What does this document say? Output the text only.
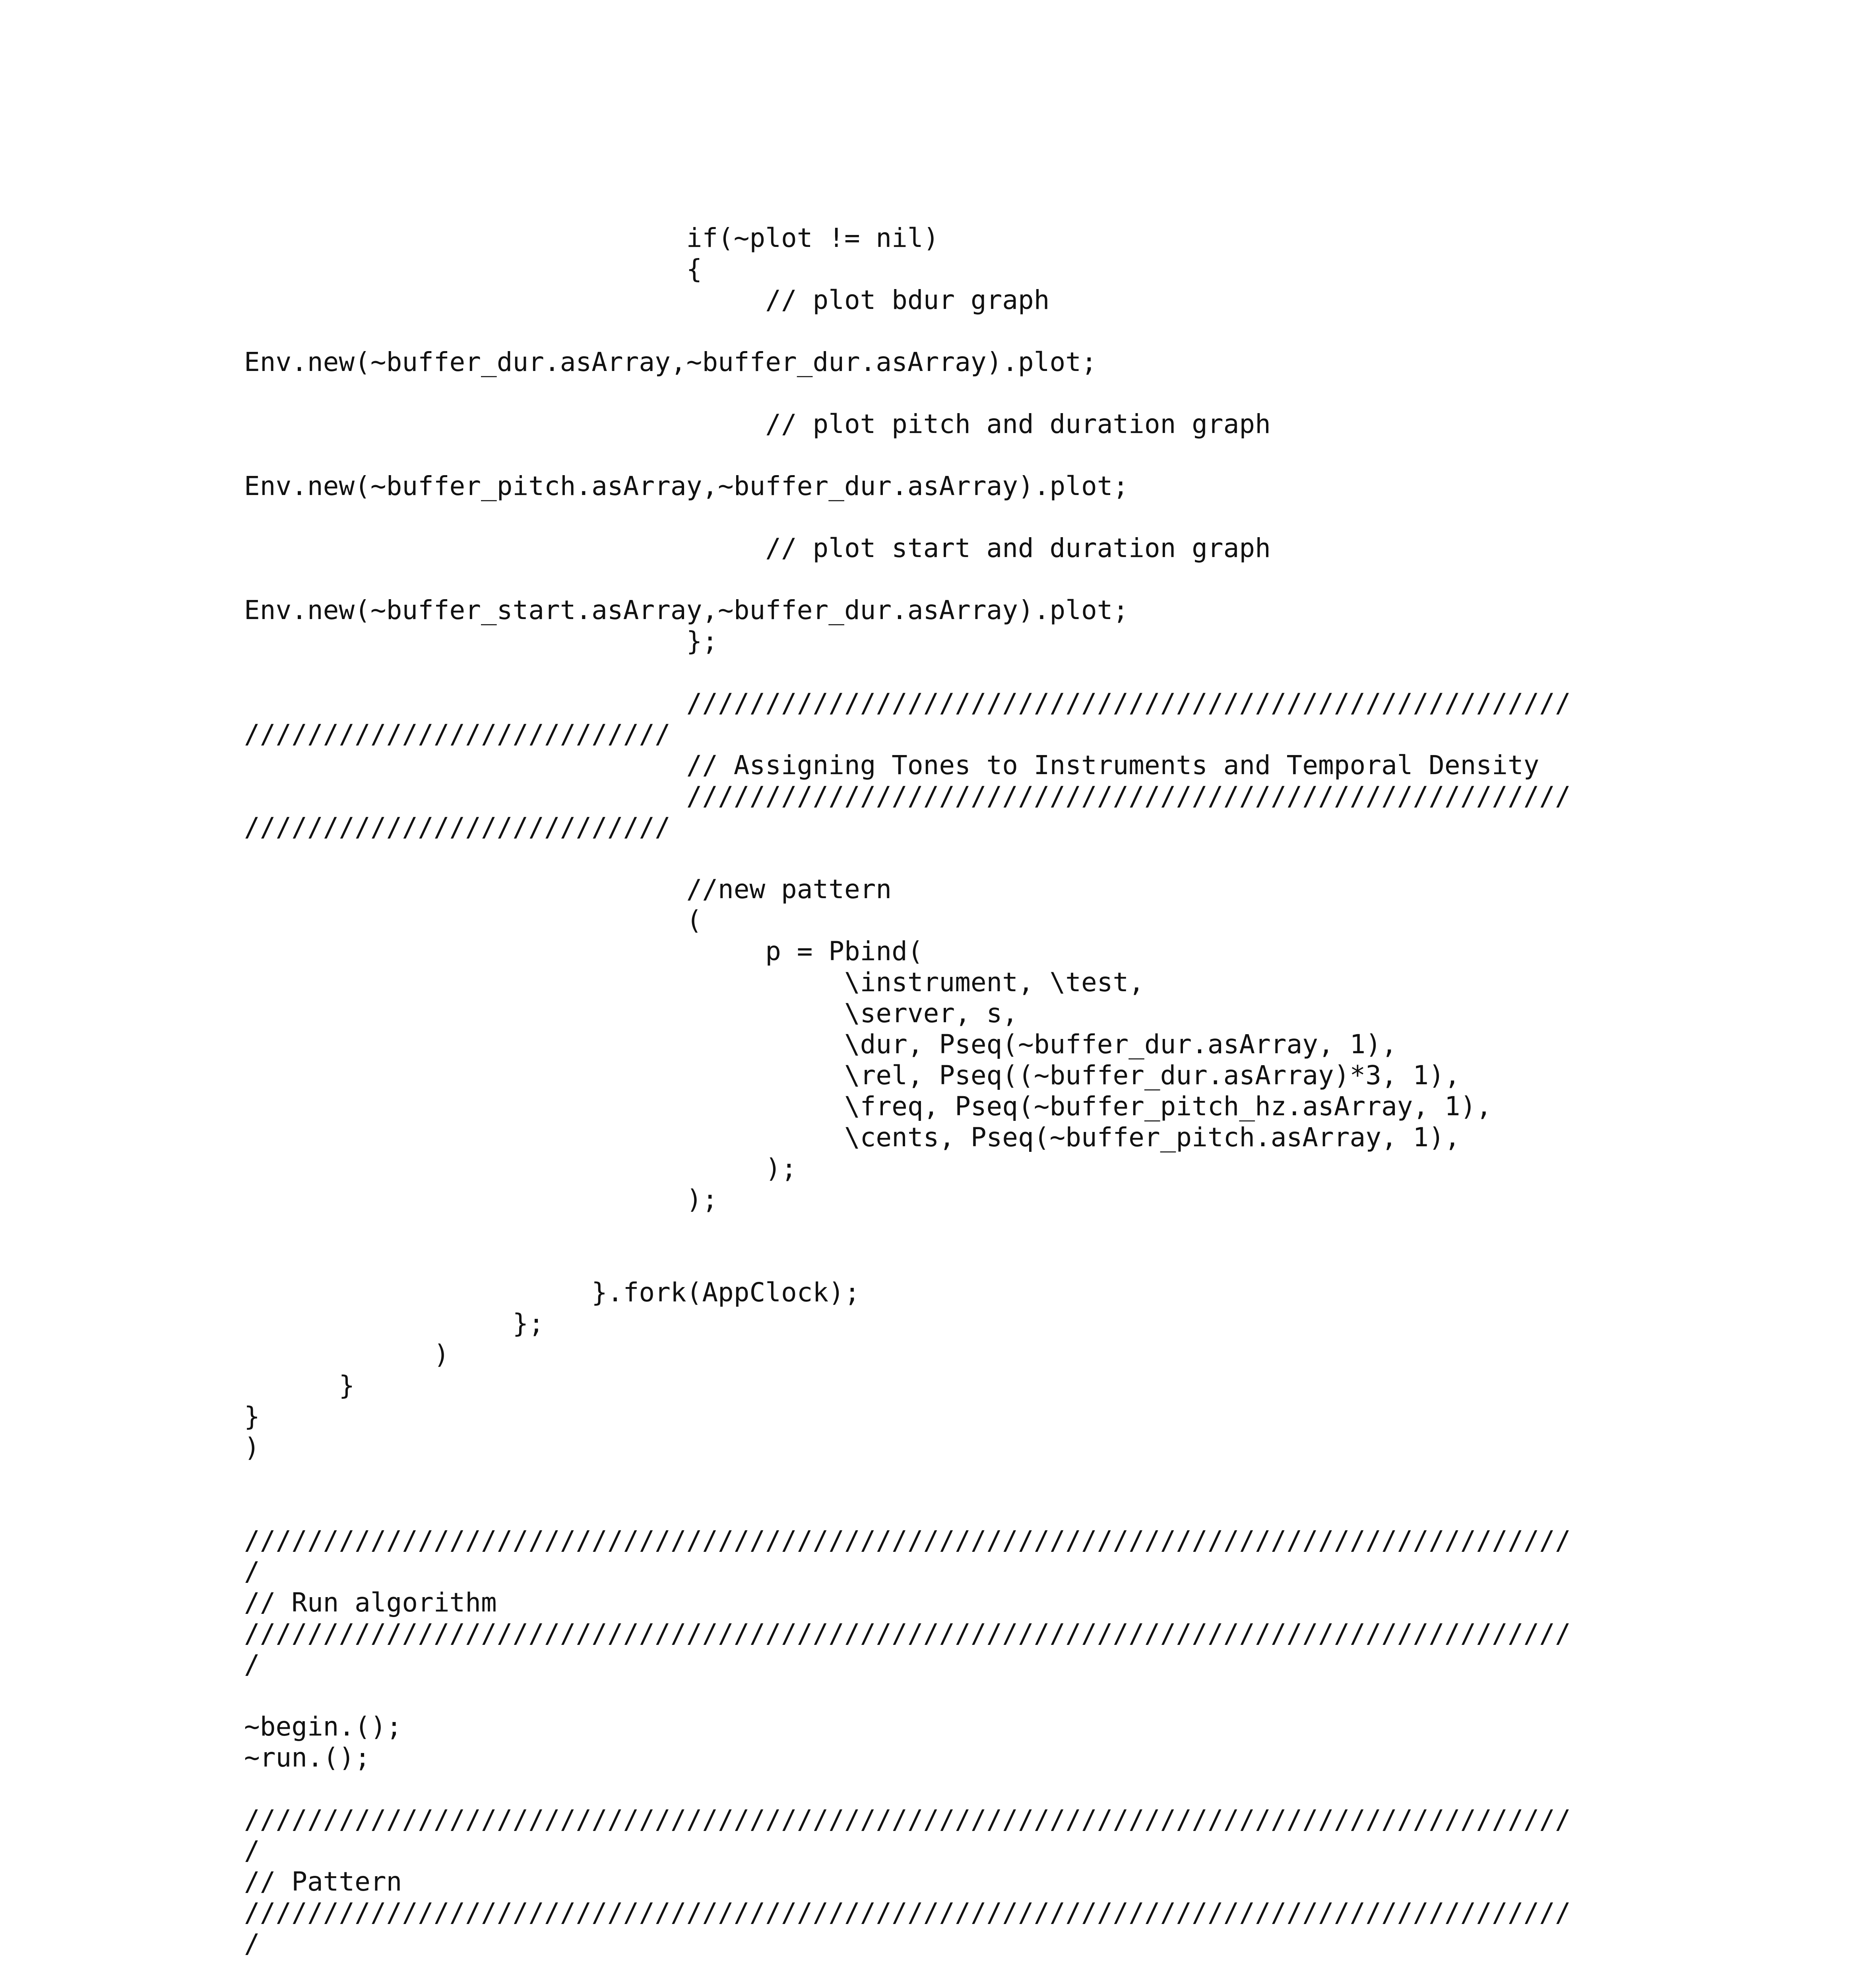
if(~plot != nil)
{
// plot bdur graph
Env.new(~buffer_dur.asArray,~buffer_dur.asArray).plot;
// plot pitch and duration graph
Env.new(~buffer_pitch.asArray,~buffer_dur.asArray).plot;
// plot start and duration graph
Env.new(~buffer_start.asArray,~buffer_dur.asArray).plot;
};
////////////////////////////////////////////////////////
///////////////////////////
// Assigning Tones to Instruments and Temporal Density
////////////////////////////////////////////////////////
///////////////////////////
//new pattern
(
p = Pbind(
\instrument, \test,
\server, s,
\dur, Pseq(~buffer_dur.asArray, 1),
\rel, Pseq((~buffer_dur.asArray)*3, 1),
\freq, Pseq(~buffer_pitch_hz.asArray, 1),
\cents, Pseq(~buffer_pitch.asArray, 1),
);
);
}.fork(AppClock);
};
)
}
}
)
////////////////////////////////////////////////////////////////////////////////////
/
// Run algorithm
////////////////////////////////////////////////////////////////////////////////////
/
~begin.();
~run.();
////////////////////////////////////////////////////////////////////////////////////
/
// Pattern
////////////////////////////////////////////////////////////////////////////////////
/
